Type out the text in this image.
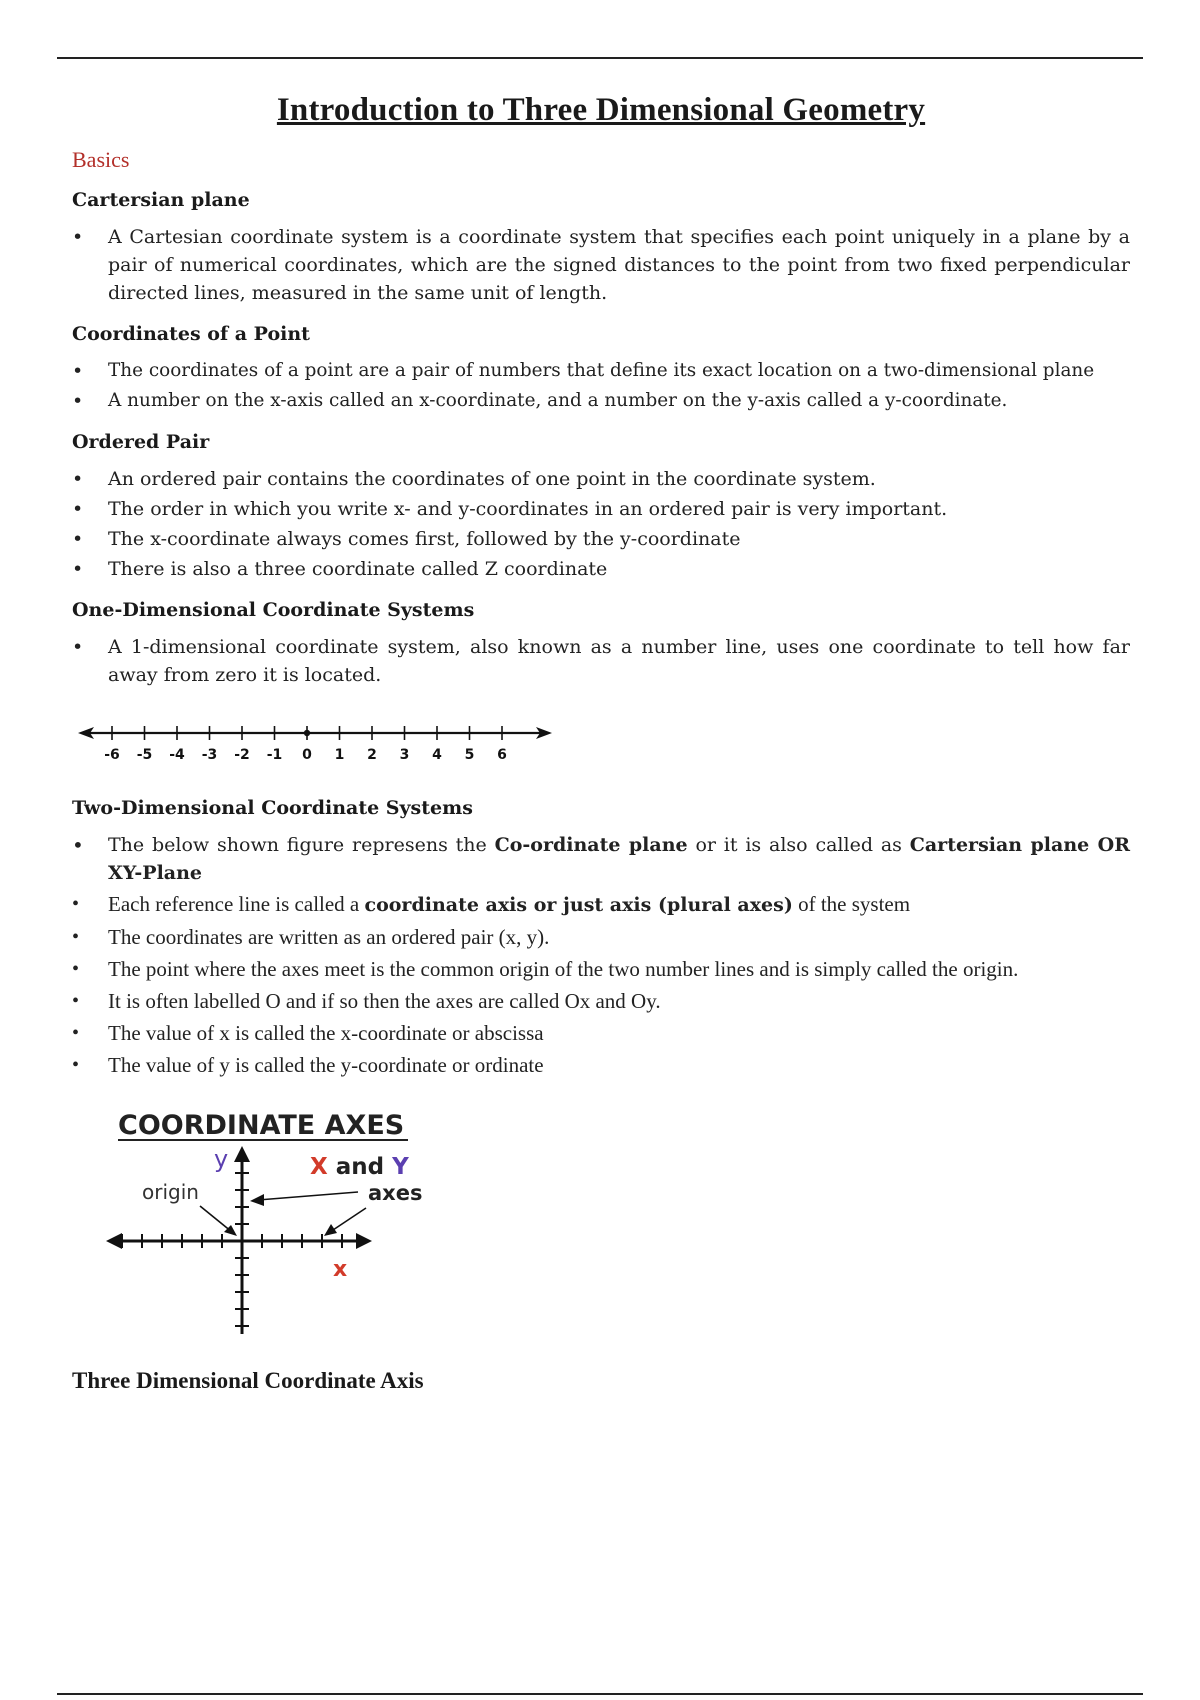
Introduction to Three Dimensional Geometry
Basics
Cartersian plane
• A Cartesian coordinate system is a coordinate system that specifies each point uniquely in a plane by a pair of numerical coordinates, which are the signed distances to the point from two fixed perpendicular directed lines, measured in the same unit of length.
Coordinates of a Point
• The coordinates of a point are a pair of numbers that define its exact location on a two-dimensional plane
• A number on the x-axis called an x-coordinate, and a number on the y-axis called a y-coordinate.
Ordered Pair
• An ordered pair contains the coordinates of one point in the coordinate system.
• The order in which you write x- and y-coordinates in an ordered pair is very important.
• The x-coordinate always comes first, followed by the y-coordinate
• There is also a three coordinate called Z coordinate
One-Dimensional Coordinate Systems
• A 1-dimensional coordinate system, also known as a number line, uses one coordinate to tell how far away from zero it is located.
-6 -5 -4 -3 -2 -1 0 1 2 3 4 5 6
Two-Dimensional Coordinate Systems
• The below shown figure represens the Co-ordinate plane or it is also called as Cartersian plane OR XY-Plane
• Each reference line is called a coordinate axis or just axis (plural axes) of the system
• The coordinates are written as an ordered pair (x, y).
• The point where the axes meet is the common origin of the two number lines and is simply called the origin.
• It is often labelled O and if so then the axes are called Ox and Oy.
• The value of x is called the x-coordinate or abscissa
• The value of y is called the y-coordinate or ordinate
COORDINATE AXES
y
x
origin
X and Y
axes
Three Dimensional Coordinate Axis
